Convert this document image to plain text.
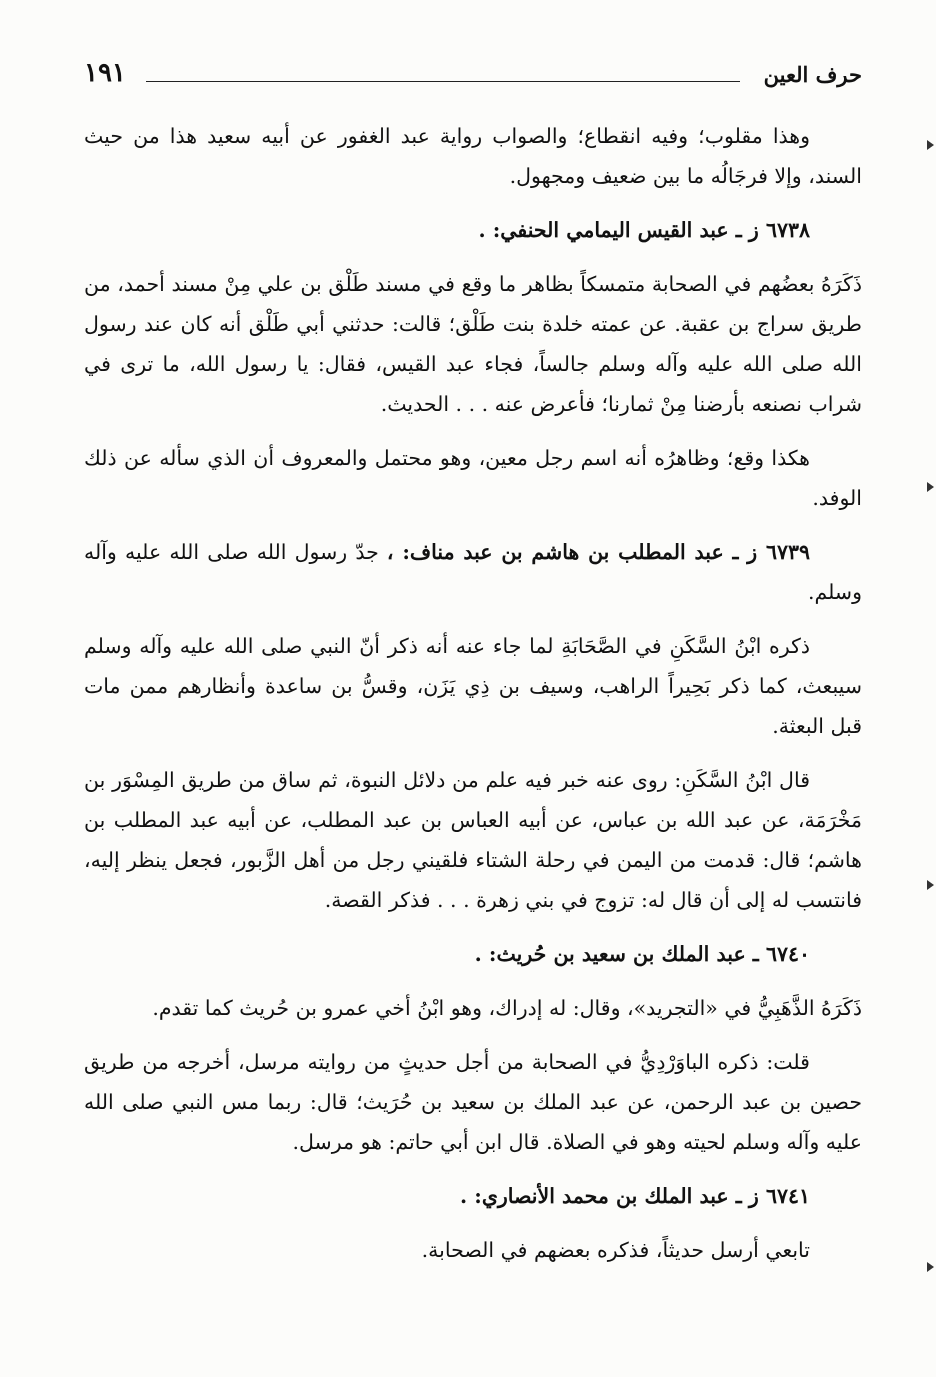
حرف العين
١٩١

وهذا مقلوب؛ وفيه انقطاع؛ والصواب رواية عبد الغفور عن أبيه سعيد هذا من حيث السند، وإلا فرجَالُه ما بين ضعيف ومجهول.

٦٧٣٨ ز ـ عبد القيس اليمامي الحنفي: .

ذَكَرَهُ بعضُهم في الصحابة متمسكاً بظاهر ما وقع في مسند طَلْق بن علي مِنْ مسند أحمد، من طريق سراج بن عقبة. عن عمته خلدة بنت طَلْق؛ قالت: حدثني أبي طَلْق أنه كان عند رسول الله صلى الله عليه وآله وسلم جالساً، فجاء عبد القيس، فقال: يا رسول الله، ما ترى في شراب نصنعه بأرضنا مِنْ ثمارنا؛ فأعرض عنه . . . الحديث.

هكذا وقع؛ وظاهرُه أنه اسم رجل معين، وهو محتمل والمعروف أن الذي سأله عن ذلك الوفد.

٦٧٣٩ ز ـ عبد المطلب بن هاشم بن عبد مناف: ، جدّ رسول الله صلى الله عليه وآله وسلم.

ذكره ابْنُ السَّكَنِ في الصَّحَابَةِ لما جاء عنه أنه ذكر أنّ النبي صلى الله عليه وآله وسلم سيبعث، كما ذكر بَحِيراً الراهب، وسيف بن ذِي يَزَن، وقسُّ بن ساعدة وأنظارهم ممن مات قبل البعثة.

قال ابْنُ السَّكَنِ: روى عنه خبر فيه علم من دلائل النبوة، ثم ساق من طريق المِسْوَر بن مَخْرَمَة، عن عبد الله بن عباس، عن أبيه العباس بن عبد المطلب، عن أبيه عبد المطلب بن هاشم؛ قال: قدمت من اليمن في رحلة الشتاء فلقيني رجل من أهل الزَّبور، فجعل ينظر إليه، فانتسب له إلى أن قال له: تزوج في بني زهرة . . . فذكر القصة.

٦٧٤٠ ـ عبد الملك بن سعيد بن حُريث: .

ذَكَرَهُ الذَّهَبِيُّ في «التجريد»، وقال: له إدراك، وهو ابْنُ أخي عمرو بن حُريث كما تقدم.

قلت: ذكره الباوَرْدِيُّ في الصحابة من أجل حديثٍ من روايته مرسل، أخرجه من طريق حصين بن عبد الرحمن، عن عبد الملك بن سعيد بن حُرَيث؛ قال: ربما مس النبي صلى الله عليه وآله وسلم لحيته وهو في الصلاة. قال ابن أبي حاتم: هو مرسل.

٦٧٤١ ز ـ عبد الملك بن محمد الأنصاري: .

تابعي أرسل حديثاً، فذكره بعضهم في الصحابة.
